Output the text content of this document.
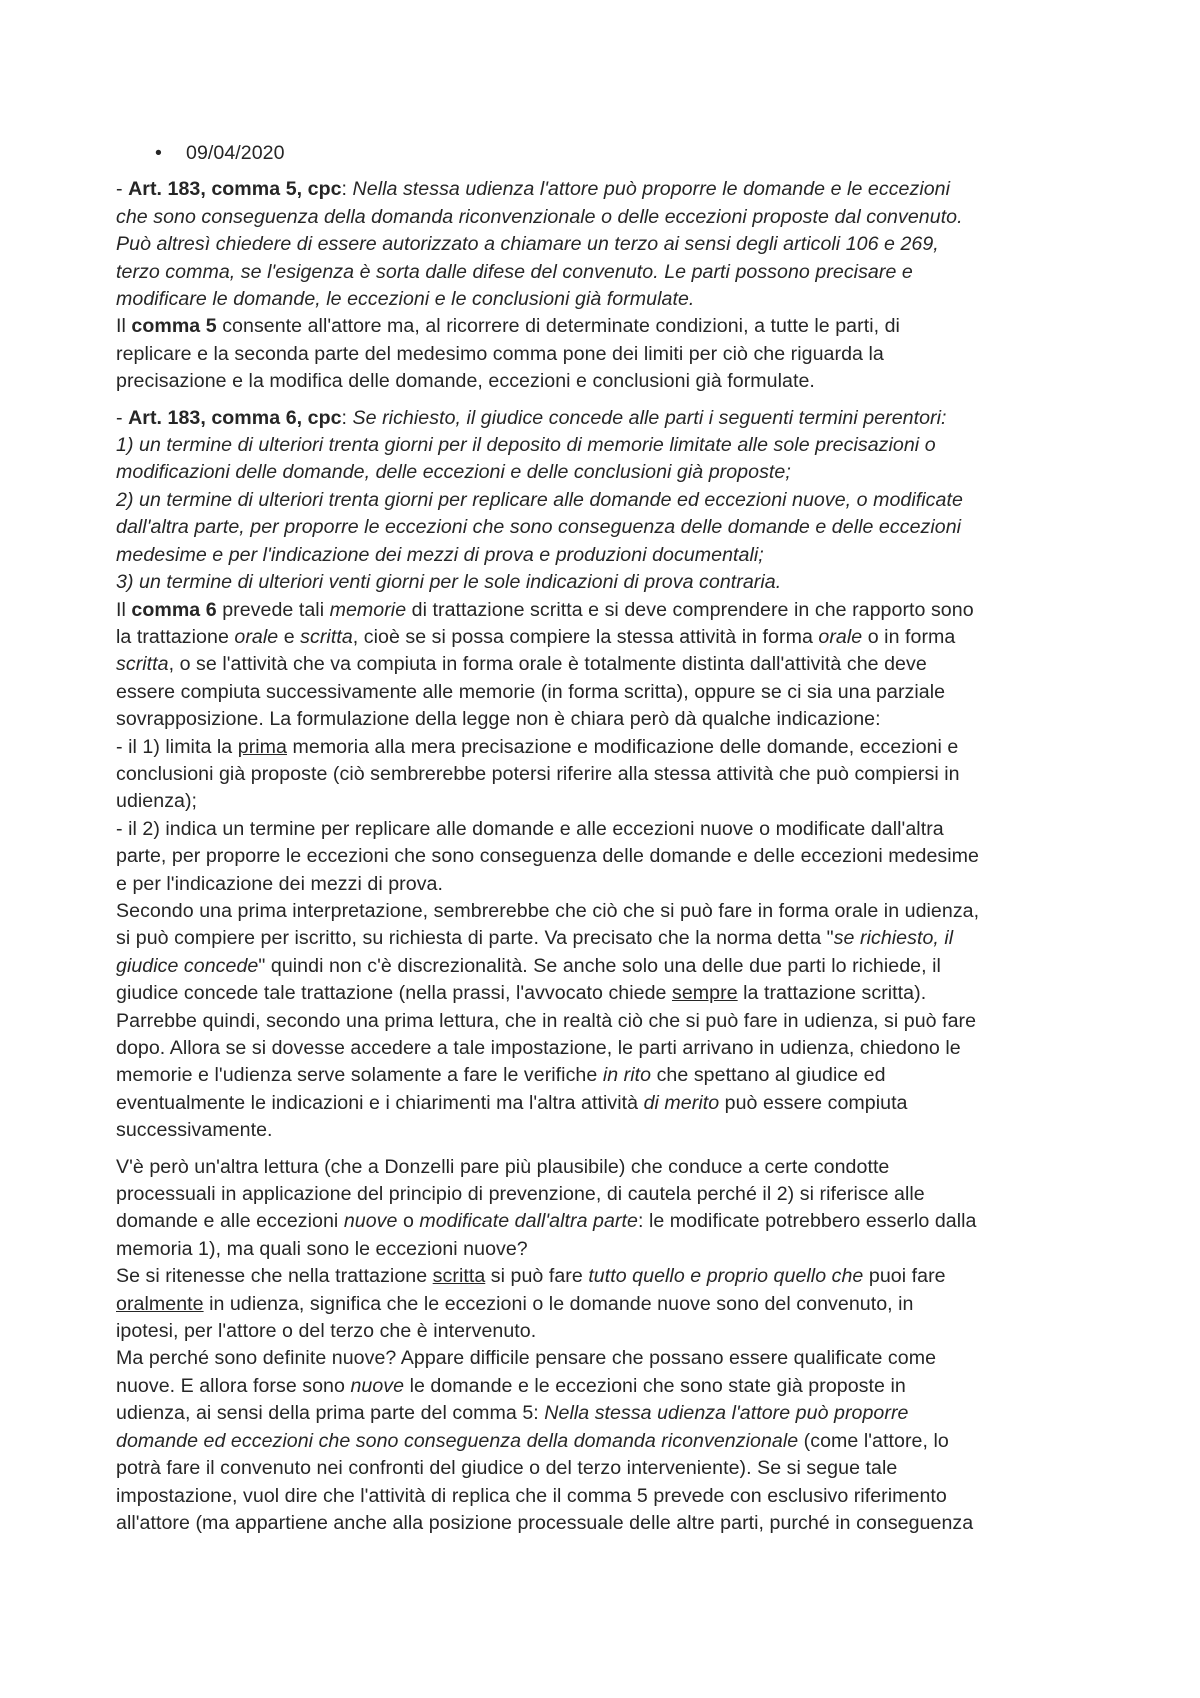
09/04/2020

- Art. 183, comma 5, cpc: Nella stessa udienza l'attore può proporre le domande e le eccezioni

che sono conseguenza della domanda riconvenzionale o delle eccezioni proposte dal convenuto.

Può altresì chiedere di essere autorizzato a chiamare un terzo ai sensi degli articoli 106 e 269,

terzo comma, se l'esigenza è sorta dalle difese del convenuto. Le parti possono precisare e

modificare le domande, le eccezioni e le conclusioni già formulate.

Il comma 5 consente all'attore ma, al ricorrere di determinate condizioni, a tutte le parti, di

replicare e la seconda parte del medesimo comma pone dei limiti per ciò che riguarda la

precisazione e la modifica delle domande, eccezioni e conclusioni già formulate.

- Art. 183, comma 6, cpc: Se richiesto, il giudice concede alle parti i seguenti termini perentori:

1) un termine di ulteriori trenta giorni per il deposito di memorie limitate alle sole precisazioni o

modificazioni delle domande, delle eccezioni e delle conclusioni già proposte;

2) un termine di ulteriori trenta giorni per replicare alle domande ed eccezioni nuove, o modificate

dall'altra parte, per proporre le eccezioni che sono conseguenza delle domande e delle eccezioni

medesime e per l'indicazione dei mezzi di prova e produzioni documentali;

3) un termine di ulteriori venti giorni per le sole indicazioni di prova contraria.

Il comma 6 prevede tali memorie di trattazione scritta e si deve comprendere in che rapporto sono

la trattazione orale e scritta, cioè se si possa compiere la stessa attività in forma orale o in forma

scritta, o se l'attività che va compiuta in forma orale è totalmente distinta dall'attività che deve

essere compiuta successivamente alle memorie (in forma scritta), oppure se ci sia una parziale

sovrapposizione. La formulazione della legge non è chiara però dà qualche indicazione:

- il 1) limita la prima memoria alla mera precisazione e modificazione delle domande, eccezioni e

conclusioni già proposte (ciò sembrerebbe potersi riferire alla stessa attività che può compiersi in

udienza);

- il 2) indica un termine per replicare alle domande e alle eccezioni nuove o modificate dall'altra

parte, per proporre le eccezioni che sono conseguenza delle domande e delle eccezioni medesime

e per l'indicazione dei mezzi di prova.

Secondo una prima interpretazione, sembrerebbe che ciò che si può fare in forma orale in udienza,

si può compiere per iscritto, su richiesta di parte. Va precisato che la norma detta "se richiesto, il

giudice concede" quindi non c'è discrezionalità. Se anche solo una delle due parti lo richiede, il

giudice concede tale trattazione (nella prassi, l'avvocato chiede sempre la trattazione scritta).

Parrebbe quindi, secondo una prima lettura, che in realtà ciò che si può fare in udienza, si può fare

dopo. Allora se si dovesse accedere a tale impostazione, le parti arrivano in udienza, chiedono le

memorie e l'udienza serve solamente a fare le verifiche in rito che spettano al giudice ed

eventualmente le indicazioni e i chiarimenti ma l'altra attività di merito può essere compiuta

successivamente.

V'è però un'altra lettura (che a Donzelli pare più plausibile) che conduce a certe condotte

processuali in applicazione del principio di prevenzione, di cautela perché il 2) si riferisce alle

domande e alle eccezioni nuove o modificate dall'altra parte: le modificate potrebbero esserlo dalla

memoria 1), ma quali sono le eccezioni nuove?

Se si ritenesse che nella trattazione scritta si può fare tutto quello e proprio quello che puoi fare

oralmente in udienza, significa che le eccezioni o le domande nuove sono del convenuto, in

ipotesi, per l'attore o del terzo che è intervenuto.

Ma perché sono definite nuove? Appare difficile pensare che possano essere qualificate come

nuove. E allora forse sono nuove le domande e le eccezioni che sono state già proposte in

udienza, ai sensi della prima parte del comma 5: Nella stessa udienza l'attore può proporre

domande ed eccezioni che sono conseguenza della domanda riconvenzionale (come l'attore, lo

potrà fare il convenuto nei confronti del giudice o del terzo interveniente). Se si segue tale

impostazione, vuol dire che l'attività di replica che il comma 5 prevede con esclusivo riferimento

all'attore (ma appartiene anche alla posizione processuale delle altre parti, purché in conseguenza
